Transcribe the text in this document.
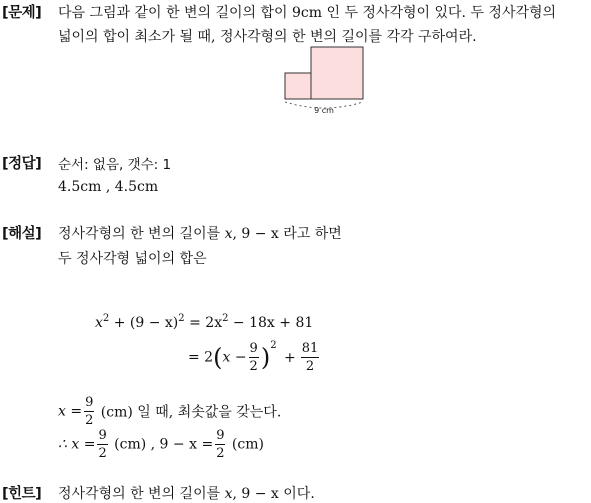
[문제] 다음 그림과 같이 한 변의 길이의 합이 9cm 인 두 정사각형이 있다. 두 정사각형의
넓이의 합이 최소가 될 때, 정사각형의 한 변의 길이를 각각 구하여라.
9 cm
[정답] 순서: 없음, 갯수: 1
4.5cm , 4.5cm
[해설] 정사각형의 한 변의 길이를 x, 9 − x 라고 하면
두 정사각형 넓이의 합은
$x^2 + (9 - x)^2 = 2x^2 - 18x + 81$
= $2(x - \frac{9}{2} )^2 + \frac{81}{2}$
$x = \frac{9}{2} (cm)$ 일 때, 최솟값을 갖는다.
∴ $x = \frac{9}{2} (cm)$ , $9 - x = \frac{9}{2} (cm)$
[힌트] 정사각형의 한 변의 길이를 x, 9 − x 이다.
